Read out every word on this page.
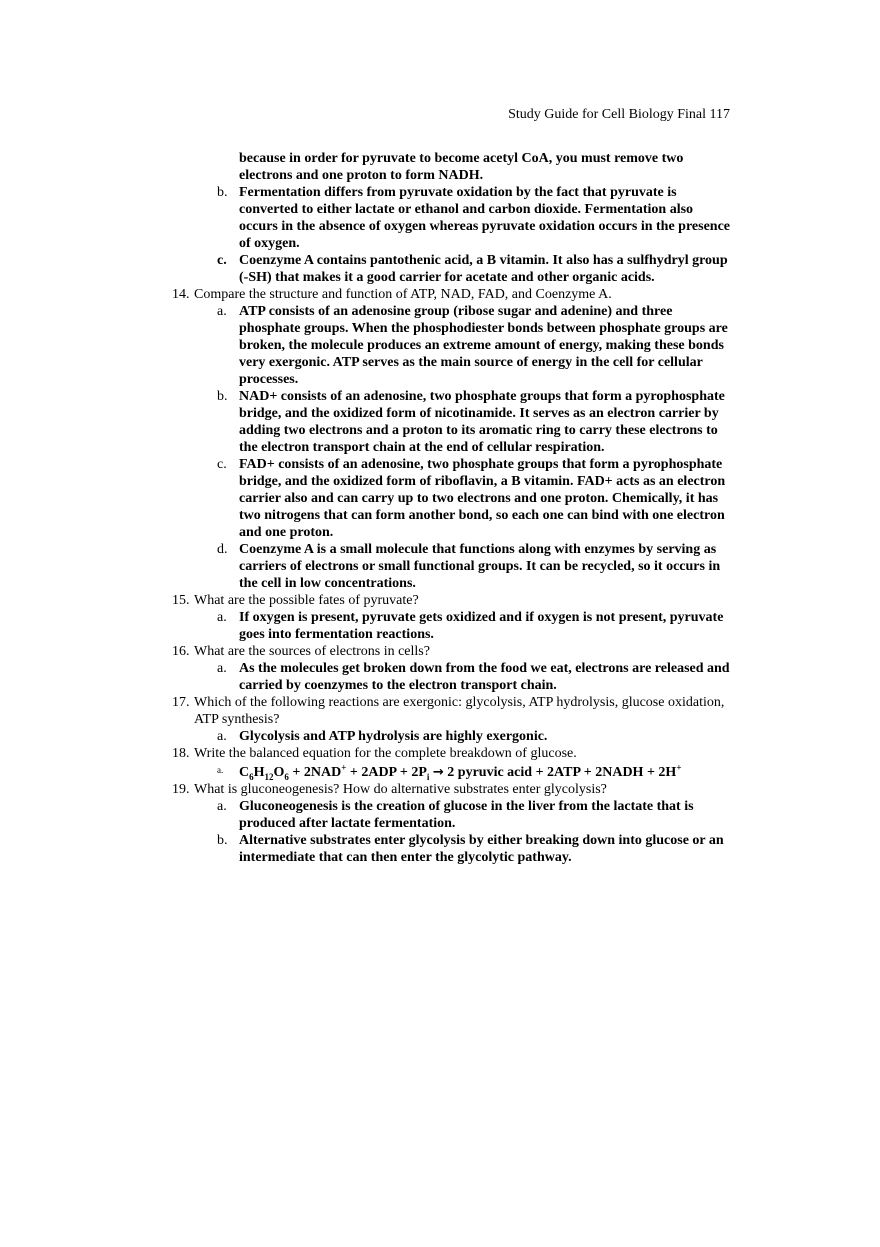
Study Guide for Cell Biology Final 117

because in order for pyruvate to become acetyl CoA, you must remove two electrons and one proton to form NADH.

b. Fermentation differs from pyruvate oxidation by the fact that pyruvate is converted to either lactate or ethanol and carbon dioxide. Fermentation also occurs in the absence of oxygen whereas pyruvate oxidation occurs in the presence of oxygen.
c. Coenzyme A contains pantothenic acid, a B vitamin. It also has a sulfhydryl group (-SH) that makes it a good carrier for acetate and other organic acids.
14. Compare the structure and function of ATP, NAD, FAD, and Coenzyme A.
a. ATP consists of an adenosine group (ribose sugar and adenine) and three phosphate groups. When the phosphodiester bonds between phosphate groups are broken, the molecule produces an extreme amount of energy, making these bonds very exergonic. ATP serves as the main source of energy in the cell for cellular processes.
b. NAD+ consists of an adenosine, two phosphate groups that form a pyrophosphate bridge, and the oxidized form of nicotinamide. It serves as an electron carrier by adding two electrons and a proton to its aromatic ring to carry these electrons to the electron transport chain at the end of cellular respiration.
c. FAD+ consists of an adenosine, two phosphate groups that form a pyrophosphate bridge, and the oxidized form of riboflavin, a B vitamin. FAD+ acts as an electron carrier also and can carry up to two electrons and one proton. Chemically, it has two nitrogens that can form another bond, so each one can bind with one electron and one proton.
d. Coenzyme A is a small molecule that functions along with enzymes by serving as carriers of electrons or small functional groups. It can be recycled, so it occurs in the cell in low concentrations.
15. What are the possible fates of pyruvate?
a. If oxygen is present, pyruvate gets oxidized and if oxygen is not present, pyruvate goes into fermentation reactions.
16. What are the sources of electrons in cells?
a. As the molecules get broken down from the food we eat, electrons are released and carried by coenzymes to the electron transport chain.
17. Which of the following reactions are exergonic: glycolysis, ATP hydrolysis, glucose oxidation, ATP synthesis?
a. Glycolysis and ATP hydrolysis are highly exergonic.
18. Write the balanced equation for the complete breakdown of glucose.
a. $C_6H_{12}O_6 + 2NAD^+ + 2ADP + 2P_i \to 2$ pyruvic acid + 2ATP + 2NADH + 2H+
19. What is gluconeogenesis? How do alternative substrates enter glycolysis?
a. Gluconeogenesis is the creation of glucose in the liver from the lactate that is produced after lactate fermentation.
b. Alternative substrates enter glycolysis by either breaking down into glucose or an intermediate that can then enter the glycolytic pathway.
